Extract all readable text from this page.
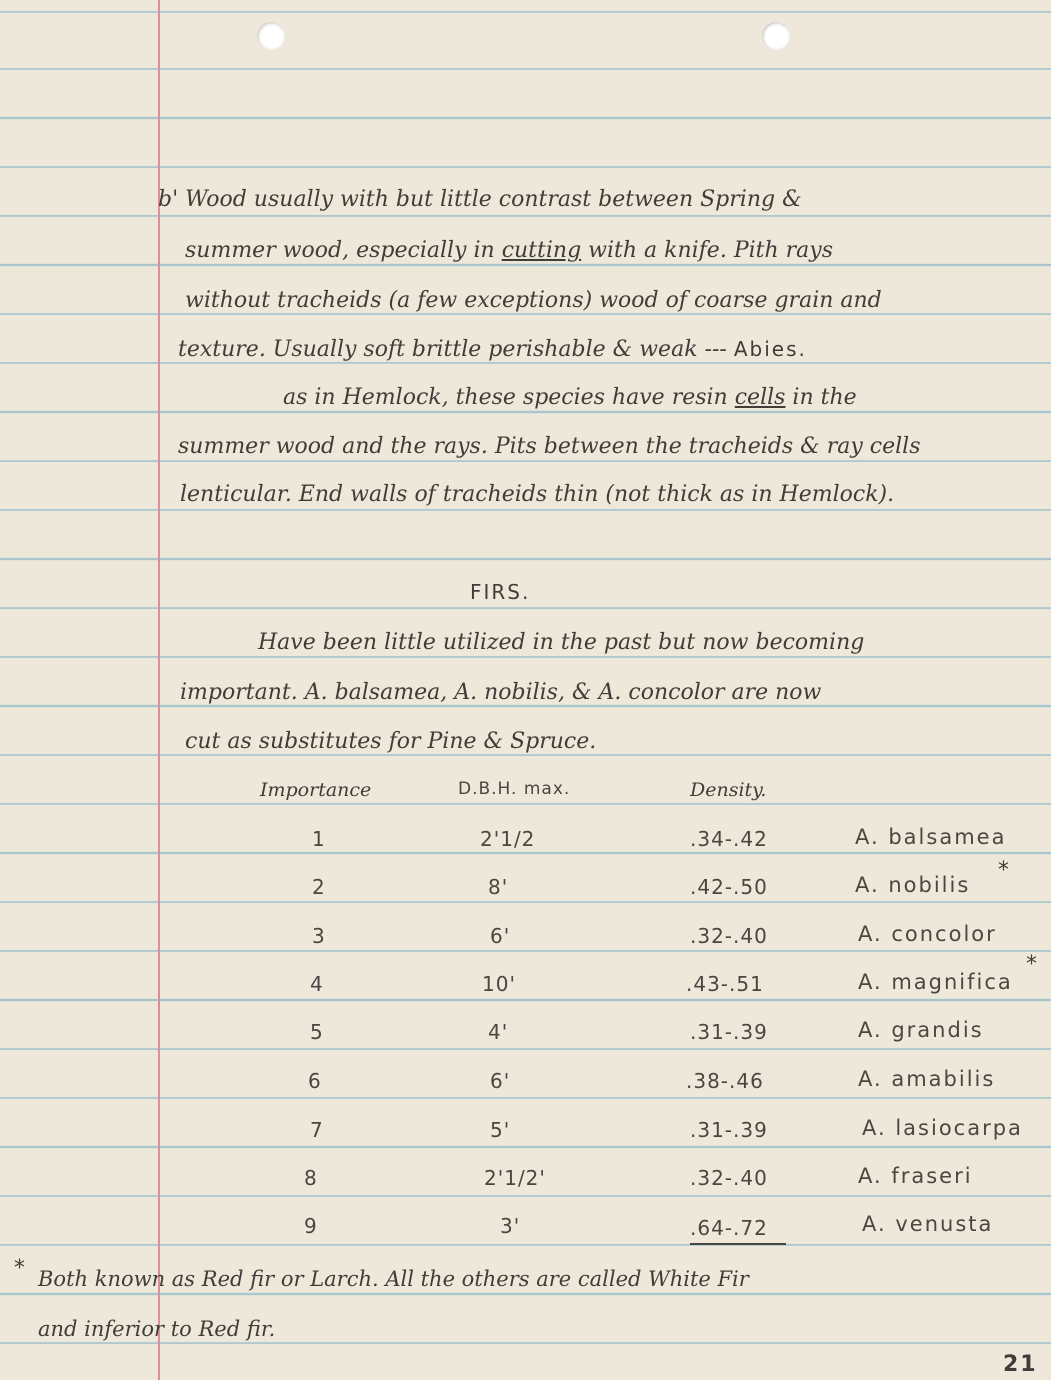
b' Wood usually with but little contrast between Spring &
summer wood, especially in cutting with a knife. Pith rays
without tracheids (a few exceptions) wood of coarse grain and
texture. Usually soft brittle perishable & weak --- Abies.
as in Hemlock, these species have resin cells in the
summer wood and the rays. Pits between the tracheids & ray cells
lenticular. End walls of tracheids thin (not thick as in Hemlock).
FIRS.
Have been little utilized in the past but now becoming
important. A. balsamea, A. nobilis, & A. concolor are now
cut as substitutes for Pine & Spruce.
Importance	D.B.H. max.	Density.
1	2'1/2	.34-.42	A. balsamea
2	8'	.42-.50	A. nobilis
*
3	6'	.32-.40	A. concolor
4	10'	.43-.51	A. magnifica
*
5	4'	.31-.39	A. grandis
6	6'	.38-.46	A. amabilis
7	5'	.31-.39	A. lasiocarpa
8	2'1/2'	.32-.40	A. fraseri
9	3'	.64-.72	A. venusta
* Both known as Red fir or Larch. All the others are called White Fir
and inferior to Red fir.
21
